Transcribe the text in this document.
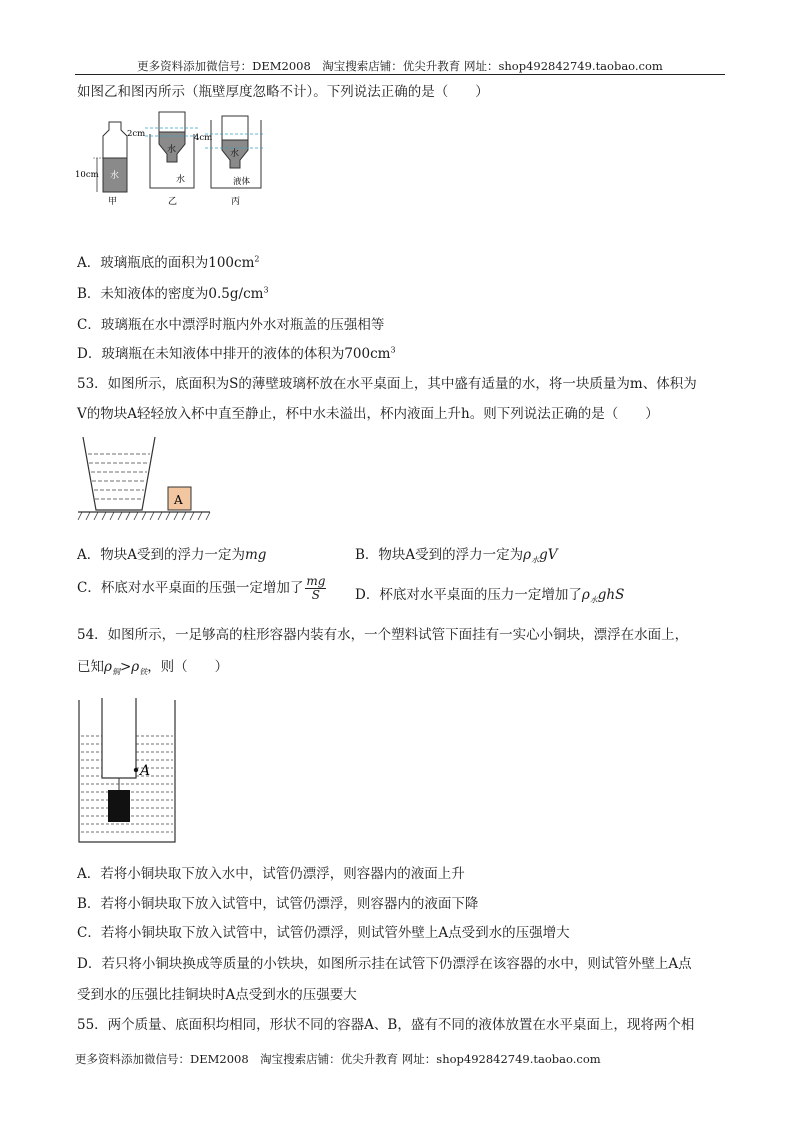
更多资料添加微信号：DEM2008　淘宝搜索店铺：优尖升教育 网址：shop492842749.taobao.com
如图乙和图丙所示（瓶壁厚度忽略不计）。下列说法正确的是（　　）
10cm
2cm	4cm
水
水
水
水
液体
甲	乙	丙
A．玻璃瓶底的面积为$100cm^2$
B．未知液体的密度为$0.5g/cm^3$
C．玻璃瓶在水中漂浮时瓶内外水对瓶盖的压强相等
D．玻璃瓶在未知液体中排开的液体的体积为$700cm^3$
53．如图所示，底面积为S的薄壁玻璃杯放在水平桌面上，其中盛有适量的水，将一块质量为m、体积为
V的物块A轻轻放入杯中直至静止，杯中水未溢出，杯内液面上升h。则下列说法正确的是（　　）
A
A．物块A受到的浮力一定为mg	B．物块A受到的浮力一定为$\rho_水gV$
C．杯底对水平桌面的压强一定增加了 $\frac{mg}{S}$ D．杯底对水平桌面的压力一定增加了$\rho_水ghS$
54．如图所示，一足够高的柱形容器内装有水，一个塑料试管下面挂有一实心小铜块，漂浮在水面上，
已知$\rho_铜>\rho_铁$，则（　　）
A
A．若将小铜块取下放入水中，试管仍漂浮，则容器内的液面上升
B．若将小铜块取下放入试管中，试管仍漂浮，则容器内的液面下降
C．若将小铜块取下放入试管中，试管仍漂浮，则试管外壁上A点受到水的压强增大
D．若只将小铜块换成等质量的小铁块，如图所示挂在试管下仍漂浮在该容器的水中，则试管外壁上A点
受到水的压强比挂铜块时A点受到水的压强要大
55．两个质量、底面积均相同，形状不同的容器A、B，盛有不同的液体放置在水平桌面上，现将两个相
更多资料添加微信号：DEM2008　淘宝搜索店铺：优尖升教育 网址：shop492842749.taobao.com
